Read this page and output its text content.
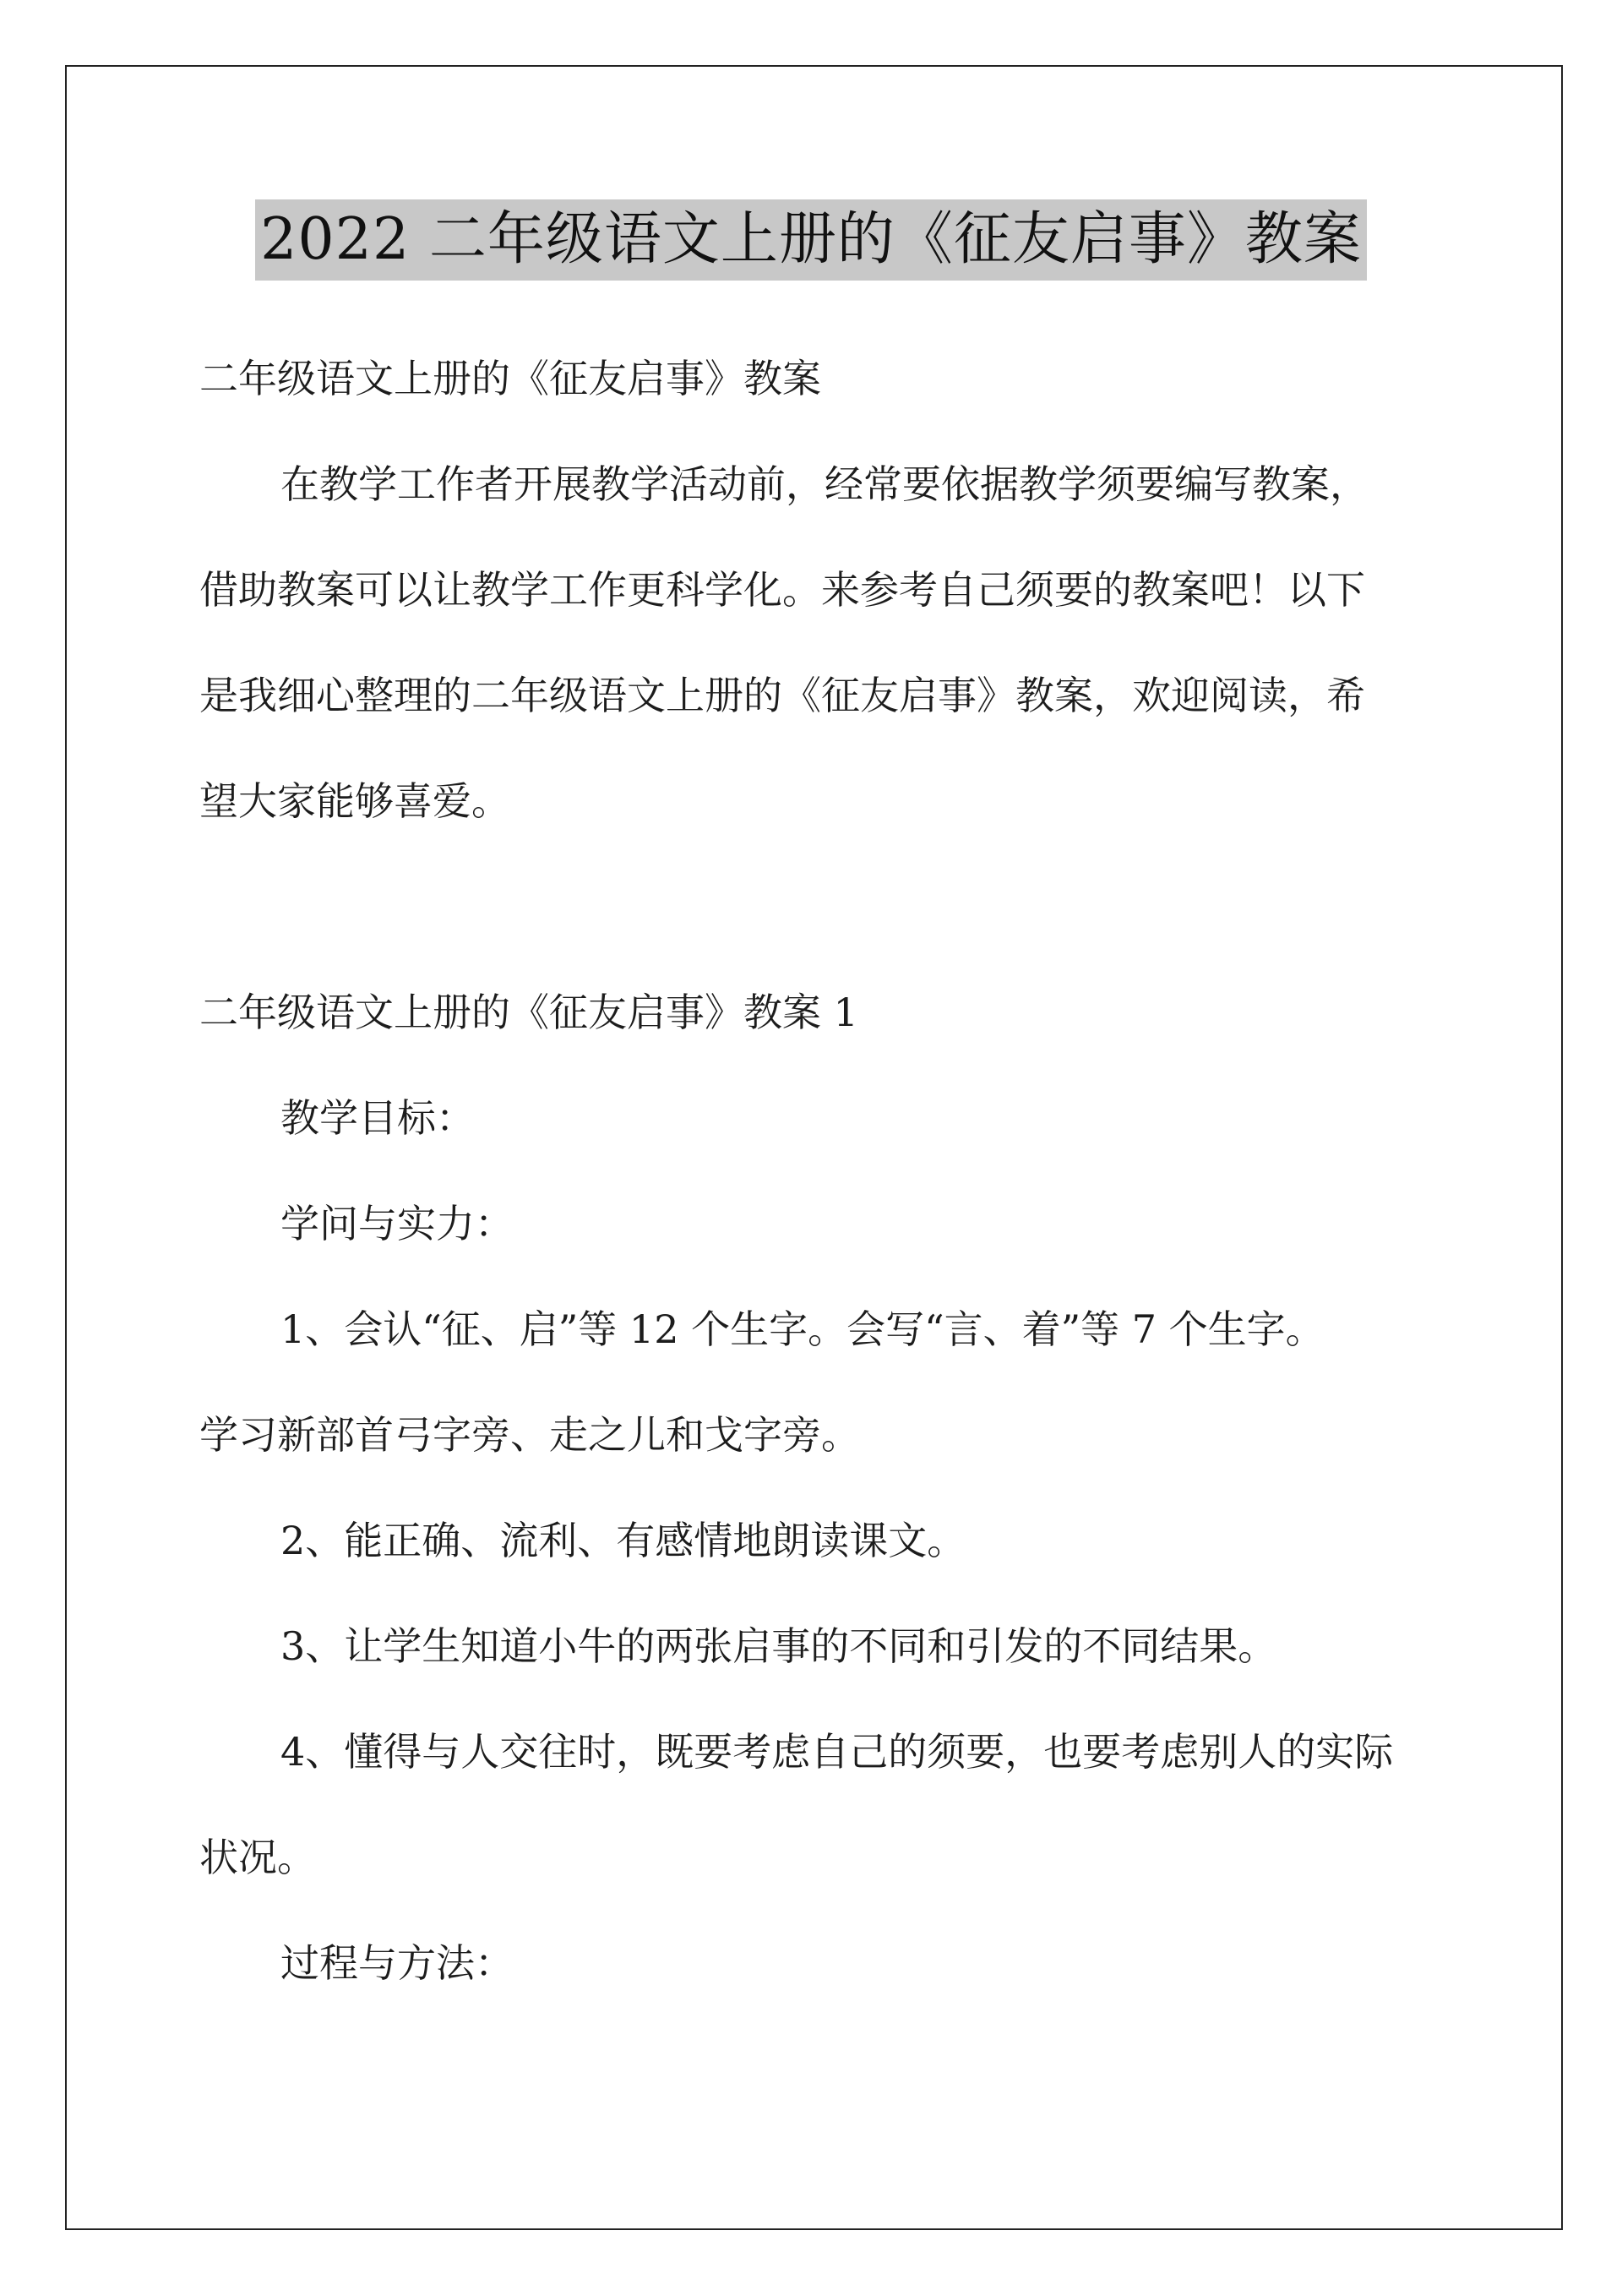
2022 二年级语文上册的《征友启事》教案
二年级语文上册的《征友启事》教案
在教学工作者开展教学活动前，经常要依据教学须要编写教案，
借助教案可以让教学工作更科学化。来参考自己须要的教案吧！以下
是我细心整理的二年级语文上册的《征友启事》教案，欢迎阅读，希
望大家能够喜爱。
二年级语文上册的《征友启事》教案 1
教学目标：
学问与实力：
1、会认“征、启”等 12 个生字。会写“言、着”等 7 个生字。
学习新部首弓字旁、走之儿和戈字旁。
2、能正确、流利、有感情地朗读课文。
3、让学生知道小牛的两张启事的不同和引发的不同结果。
4、懂得与人交往时，既要考虑自己的须要，也要考虑别人的实际
状况。
过程与方法：
